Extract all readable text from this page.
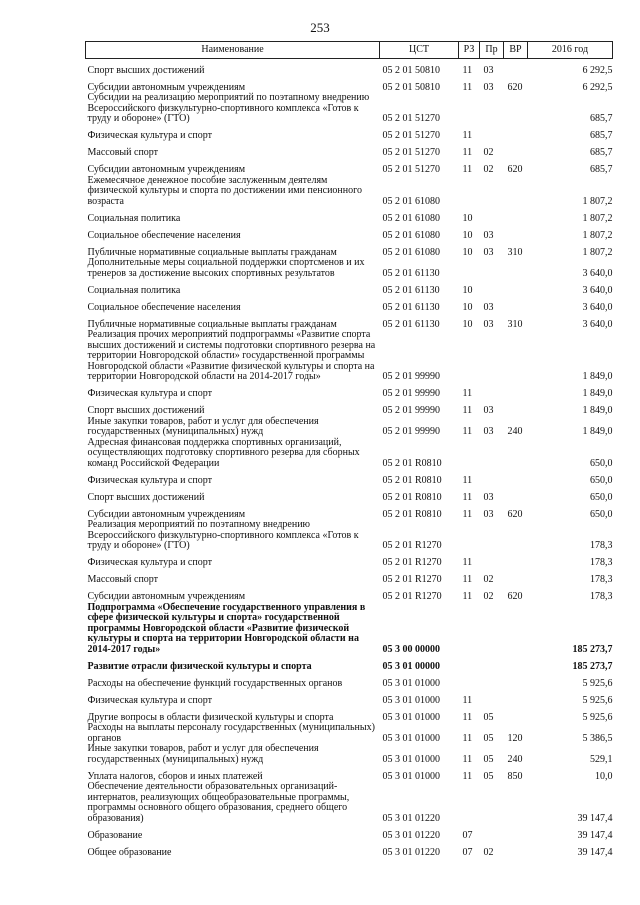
253
Наименование	ЦСТ	РЗ	Пр	ВР	2016 год
Спорт высших достижений	05 2 01 50810	11	03		6 292,5
Субсидии автономным учреждениям	05 2 01 50810	11	03	620	6 292,5
Субсидии на реализацию мероприятий по поэтапному внедрению Всероссийского физкультурно-спортивного комплекса «Готов к труду и обороне» (ГТО)	05 2 01 51270				685,7
Физическая культура и спорт	05 2 01 51270	11			685,7
Массовый спорт	05 2 01 51270	11	02		685,7
Субсидии автономным учреждениям	05 2 01 51270	11	02	620	685,7
Ежемесячное денежное пособие заслуженным деятелям физической культуры и спорта по достижении ими пенсионного возраста	05 2 01 61080				1 807,2
Социальная политика	05 2 01 61080	10			1 807,2
Социальное обеспечение населения	05 2 01 61080	10	03		1 807,2
Публичные нормативные социальные выплаты гражданам	05 2 01 61080	10	03	310	1 807,2
Дополнительные меры социальной поддержки спортсменов и их тренеров за достижение высоких спортивных результатов	05 2 01 61130				3 640,0
Социальная политика	05 2 01 61130	10			3 640,0
Социальное обеспечение населения	05 2 01 61130	10	03		3 640,0
Публичные нормативные социальные выплаты гражданам	05 2 01 61130	10	03	310	3 640,0
Реализация прочих мероприятий подпрограммы «Развитие спорта высших достижений и системы подготовки спортивного резерва на территории Новгородской области» государственной программы Новгородской области «Развитие физической культуры и спорта на территории Новгородской области на 2014-2017 годы»	05 2 01 99990				1 849,0
Физическая культура и спорт	05 2 01 99990	11			1 849,0
Спорт высших достижений	05 2 01 99990	11	03		1 849,0
Иные закупки товаров, работ и услуг для обеспечения государственных (муниципальных) нужд	05 2 01 99990	11	03	240	1 849,0
Адресная финансовая поддержка спортивных организаций, осуществляющих подготовку спортивного резерва для сборных команд Российской Федерации	05 2 01 R0810				650,0
Физическая культура и спорт	05 2 01 R0810	11			650,0
Спорт высших достижений	05 2 01 R0810	11	03		650,0
Субсидии автономным учреждениям	05 2 01 R0810	11	03	620	650,0
Реализация мероприятий по поэтапному внедрению Всероссийского физкультурно-спортивного комплекса «Готов к труду и обороне» (ГТО)	05 2 01 R1270				178,3
Физическая культура и спорт	05 2 01 R1270	11			178,3
Массовый спорт	05 2 01 R1270	11	02		178,3
Субсидии автономным учреждениям	05 2 01 R1270	11	02	620	178,3
Подпрограмма «Обеспечение государственного управления в сфере физической культуры и спорта» государственной программы Новгородской области «Развитие физической культуры и спорта на территории Новгородской области на 2014-2017 годы»	05 3 00 00000				185 273,7
Развитие отрасли физической культуры и спорта	05 3 01 00000				185 273,7
Расходы на обеспечение функций государственных органов	05 3 01 01000				5 925,6
Физическая культура и спорт	05 3 01 01000	11			5 925,6
Другие вопросы в области физической культуры и спорта	05 3 01 01000	11	05		5 925,6
Расходы на выплаты персоналу государственных (муниципальных) органов	05 3 01 01000	11	05	120	5 386,5
Иные закупки товаров, работ и услуг для обеспечения государственных (муниципальных) нужд	05 3 01 01000	11	05	240	529,1
Уплата налогов, сборов и иных платежей	05 3 01 01000	11	05	850	10,0
Обеспечение деятельности образовательных организаций-интернатов, реализующих общеобразовательные программы, программы основного общего образования, среднего общего образования)	05 3 01 01220				39 147,4
Образование	05 3 01 01220	07			39 147,4
Общее образование	05 3 01 01220	07	02		39 147,4
